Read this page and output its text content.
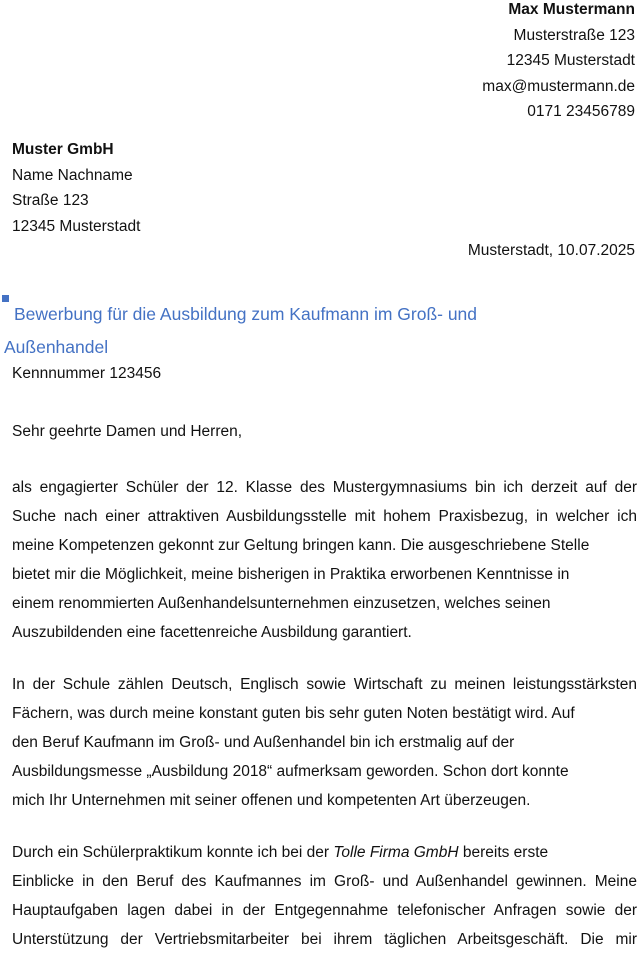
Max Mustermann
Musterstraße 123
12345 Musterstadt
max@mustermann.de
0171 23456789
Muster GmbH
Name Nachname
Straße 123
12345 Musterstadt
Musterstadt, 10.07.2025
Bewerbung für die Ausbildung zum Kaufmann im Groß- und
Außenhandel
Kennnummer 123456
Sehr geehrte Damen und Herren,
als engagierter Schüler der 12. Klasse des Mustergymnasiums bin ich derzeit auf der
Suche nach einer attraktiven Ausbildungsstelle mit hohem Praxisbezug, in welcher ich
meine Kompetenzen gekonnt zur Geltung bringen kann. Die ausgeschriebene Stelle
bietet mir die Möglichkeit, meine bisherigen in Praktika erworbenen Kenntnisse in
einem renommierten Außenhandelsunternehmen einzusetzen, welches seinen
Auszubildenden eine facettenreiche Ausbildung garantiert.
In der Schule zählen Deutsch, Englisch sowie Wirtschaft zu meinen leistungsstärksten
Fächern, was durch meine konstant guten bis sehr guten Noten bestätigt wird. Auf
den Beruf Kaufmann im Groß- und Außenhandel bin ich erstmalig auf der
Ausbildungsmesse „Ausbildung 2018“ aufmerksam geworden. Schon dort konnte
mich Ihr Unternehmen mit seiner offenen und kompetenten Art überzeugen.
Durch ein Schülerpraktikum konnte ich bei der Tolle Firma GmbH bereits erste
Einblicke in den Beruf des Kaufmannes im Groß- und Außenhandel gewinnen. Meine
Hauptaufgaben lagen dabei in der Entgegennahme telefonischer Anfragen sowie der
Unterstützung der Vertriebsmitarbeiter bei ihrem täglichen Arbeitsgeschäft. Die mir
